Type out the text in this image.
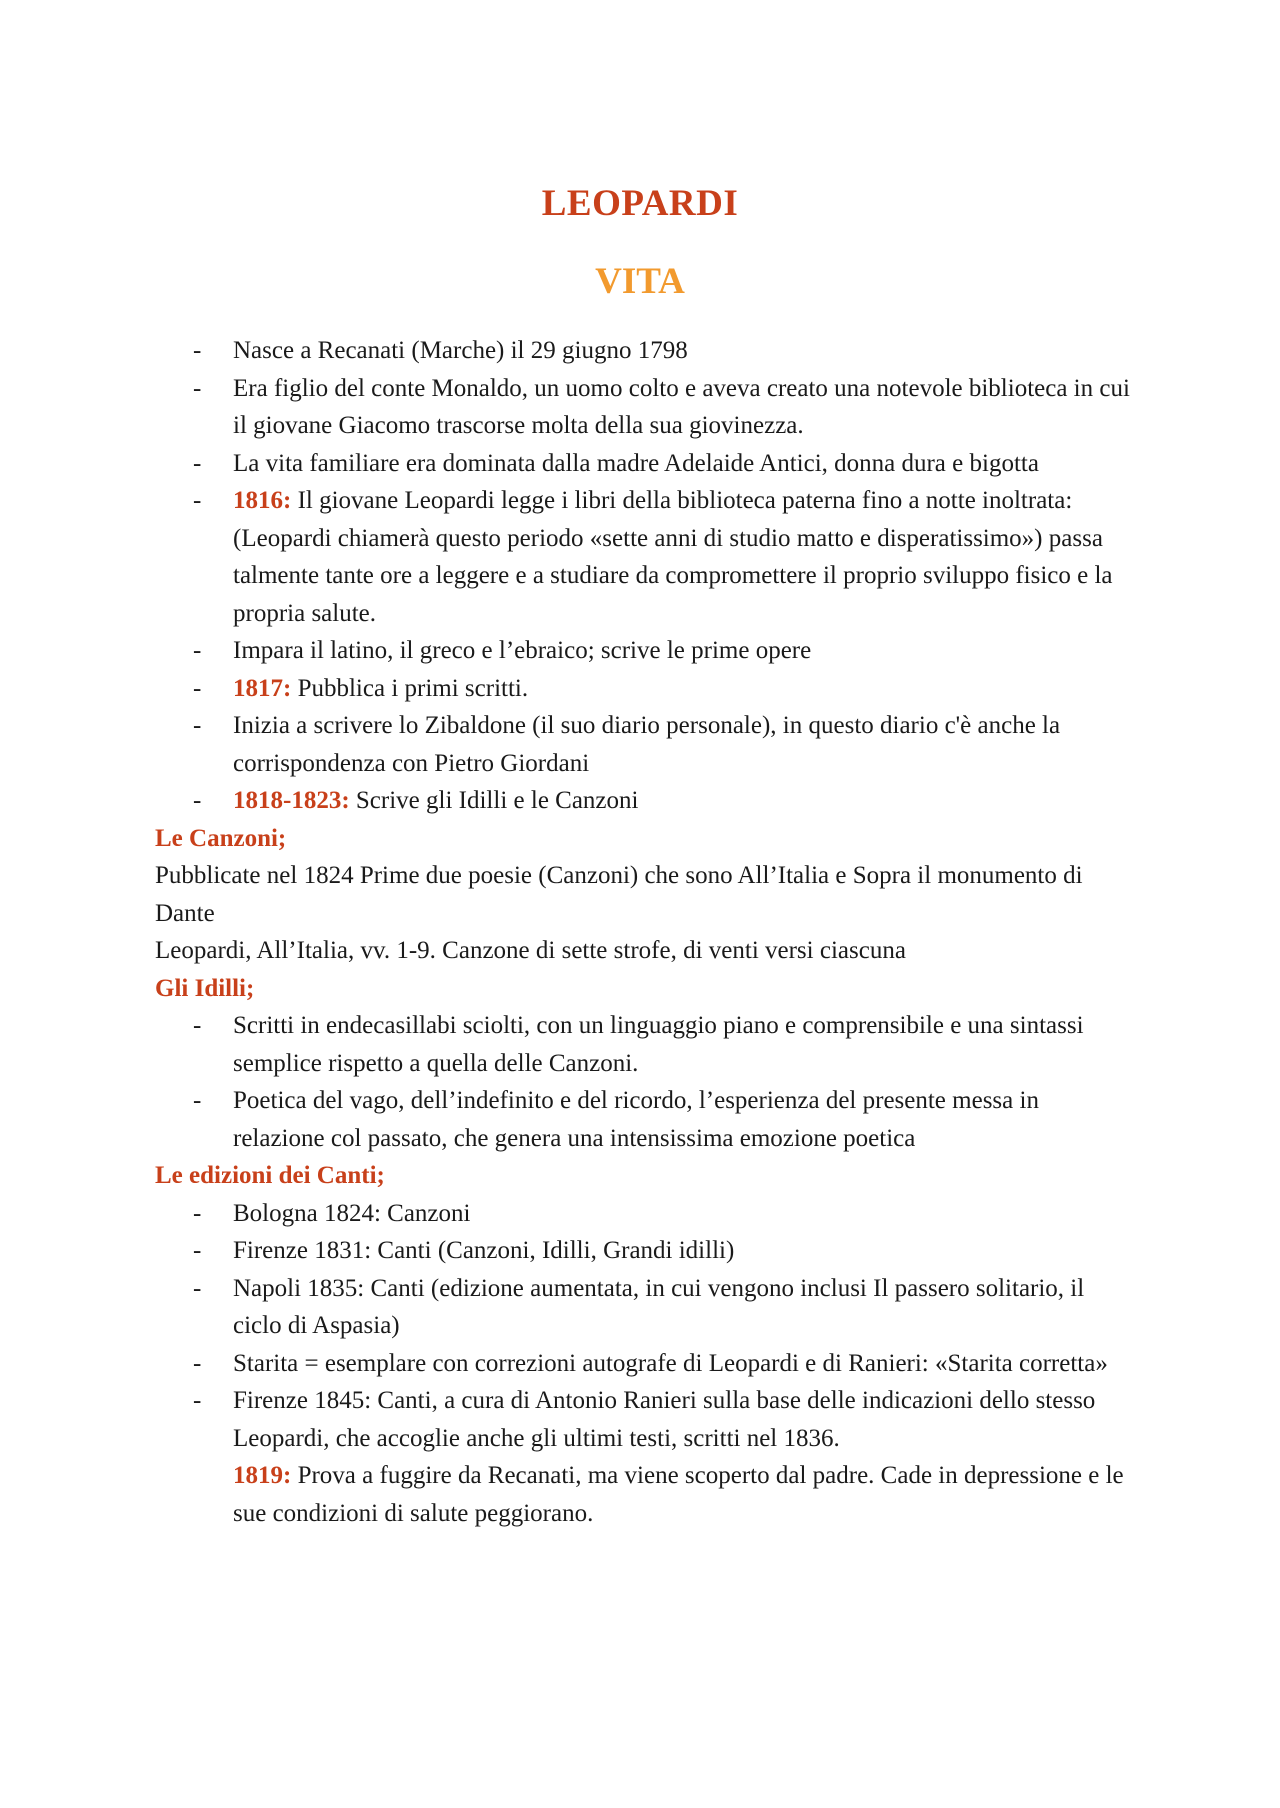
LEOPARDI
VITA
- Nasce a Recanati (Marche) il 29 giugno 1798
- Era figlio del conte Monaldo, un uomo colto e aveva creato una notevole biblioteca in cui il giovane Giacomo trascorse molta della sua giovinezza.
- La vita familiare era dominata dalla madre Adelaide Antici, donna dura e bigotta
- 1816: Il giovane Leopardi legge i libri della biblioteca paterna fino a notte inoltrata: (Leopardi chiamerà questo periodo «sette anni di studio matto e disperatissimo») passa talmente tante ore a leggere e a studiare da compromettere il proprio sviluppo fisico e la propria salute.
- Impara il latino, il greco e l’ebraico; scrive le prime opere
- 1817: Pubblica i primi scritti.
- Inizia a scrivere lo Zibaldone (il suo diario personale), in questo diario c'è anche la corrispondenza con Pietro Giordani
- 1818-1823: Scrive gli Idilli e le Canzoni
Le Canzoni;

Pubblicate nel 1824 Prime due poesie (Canzoni) che sono All’Italia e Sopra il monumento di Dante

Leopardi, All’Italia, vv. 1-9. Canzone di sette strofe, di venti versi ciascuna

Gli Idilli;
- Scritti in endecasillabi sciolti, con un linguaggio piano e comprensibile e una sintassi semplice rispetto a quella delle Canzoni.
- Poetica del vago, dell’indefinito e del ricordo, l’esperienza del presente messa in relazione col passato, che genera una intensissima emozione poetica
Le edizioni dei Canti;
- Bologna 1824: Canzoni
- Firenze 1831: Canti (Canzoni, Idilli, Grandi idilli)
- Napoli 1835: Canti (edizione aumentata, in cui vengono inclusi Il passero solitario, il ciclo di Aspasia)
- Starita = esemplare con correzioni autografe di Leopardi e di Ranieri: «Starita corretta»
- Firenze 1845: Canti, a cura di Antonio Ranieri sulla base delle indicazioni dello stesso Leopardi, che accoglie anche gli ultimi testi, scritti nel 1836.
1819: Prova a fuggire da Recanati, ma viene scoperto dal padre. Cade in depressione e le sue condizioni di salute peggiorano.
